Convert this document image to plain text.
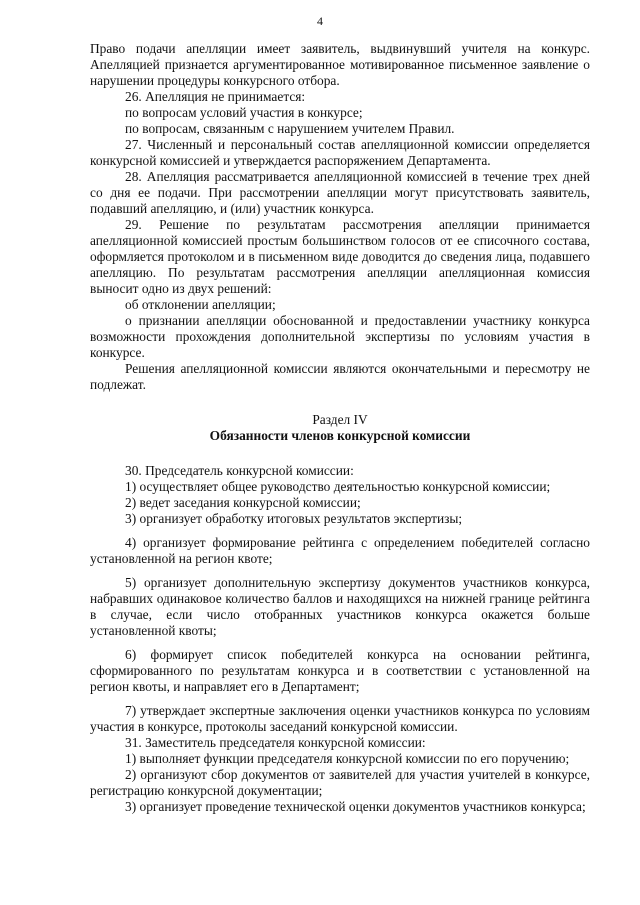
4

Право подачи апелляции имеет заявитель, выдвинувший учителя на конкурс. Апелляцией признается аргументированное мотивированное письменное заявление о нарушении процедуры конкурсного отбора.

26. Апелляция не принимается:

по вопросам условий участия в конкурсе;

по вопросам, связанным с нарушением учителем Правил.

27. Численный и персональный состав апелляционной комиссии определяется конкурсной комиссией и утверждается распоряжением Департамента.

28. Апелляция рассматривается апелляционной комиссией в течение трех дней со дня ее подачи. При рассмотрении апелляции могут присутствовать заявитель, подавший апелляцию, и (или) участник конкурса.

29. Решение по результатам рассмотрения апелляции принимается апелляционной комиссией простым большинством голосов от ее списочного состава, оформляется протоколом и в письменном виде доводится до сведения лица, подавшего апелляцию. По результатам рассмотрения апелляции апелляционная комиссия выносит одно из двух решений:

об отклонении апелляции;

о признании апелляции обоснованной и предоставлении участнику конкурса возможности прохождения дополнительной экспертизы по условиям участия в конкурсе.

Решения апелляционной комиссии являются окончательными и пересмотру не подлежат.

Раздел IV

Обязанности членов конкурсной комиссии

30. Председатель конкурсной комиссии:

1) осуществляет общее руководство деятельностью конкурсной комиссии;

2) ведет заседания конкурсной комиссии;

3) организует обработку итоговых результатов экспертизы;

4) организует формирование рейтинга с определением победителей согласно установленной на регион квоте;

5) организует дополнительную экспертизу документов участников конкурса, набравших одинаковое количество баллов и находящихся на нижней границе рейтинга в случае, если число отобранных участников конкурса окажется больше установленной квоты;

6) формирует список победителей конкурса на основании рейтинга, сформированного по результатам конкурса и в соответствии с установленной на регион квоты, и направляет его в Департамент;

7) утверждает экспертные заключения оценки участников конкурса по условиям участия в конкурсе, протоколы заседаний конкурсной комиссии.

31. Заместитель председателя конкурсной комиссии:

1) выполняет функции председателя конкурсной комиссии по его поручению;

2) организуют сбор документов от заявителей для участия учителей в конкурсе, регистрацию конкурсной документации;

3) организует проведение технической оценки документов участников конкурса;
